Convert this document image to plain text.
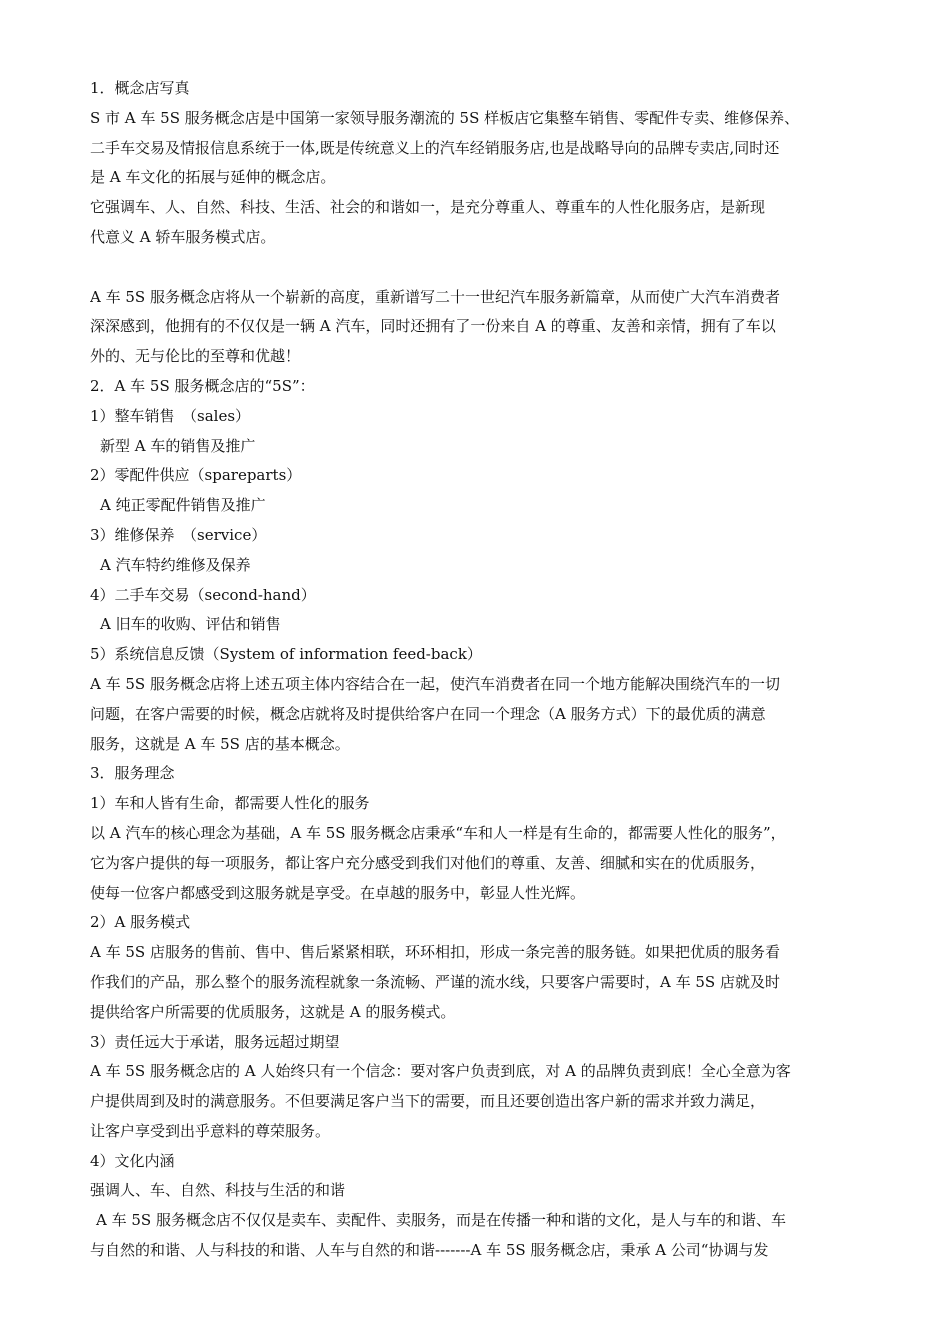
1．概念店写真
S 市 A 车 5S 服务概念店是中国第一家领导服务潮流的 5S 样板店它集整车销售、零配件专卖、维修保养、
二手车交易及情报信息系统于一体,既是传统意义上的汽车经销服务店,也是战略导向的品牌专卖店,同时还
是 A 车文化的拓展与延伸的概念店。
它强调车、人、自然、科技、生活、社会的和谐如一，是充分尊重人、尊重车的人性化服务店，是新现
代意义 A 轿车服务模式店。
A 车 5S 服务概念店将从一个崭新的高度，重新谱写二十一世纪汽车服务新篇章，从而使广大汽车消费者
深深感到，他拥有的不仅仅是一辆 A 汽车，同时还拥有了一份来自 A 的尊重、友善和亲情，拥有了车以
外的、无与伦比的至尊和优越！
2．A 车 5S 服务概念店的“5S”：
1）整车销售　（sales）
新型 A 车的销售及推广
2）零配件供应（spareparts）
A 纯正零配件销售及推广
3）维修保养　（service）
A 汽车特约维修及保养
4）二手车交易（second-hand）
A 旧车的收购、评估和销售
5）系统信息反馈（System of information feed-back）
A 车 5S 服务概念店将上述五项主体内容结合在一起，使汽车消费者在同一个地方能解决围绕汽车的一切
问题，在客户需要的时候，概念店就将及时提供给客户在同一个理念（A 服务方式）下的最优质的满意
服务，这就是 A 车 5S 店的基本概念。
3．服务理念
1）车和人皆有生命，都需要人性化的服务
以 A 汽车的核心理念为基础，A 车 5S 服务概念店秉承“车和人一样是有生命的，都需要人性化的服务”，
它为客户提供的每一项服务，都让客户充分感受到我们对他们的尊重、友善、细腻和实在的优质服务，
使每一位客户都感受到这服务就是享受。在卓越的服务中，彰显人性光辉。
2）A 服务模式
A 车 5S 店服务的售前、售中、售后紧紧相联，环环相扣，形成一条完善的服务链。如果把优质的服务看
作我们的产品，那么整个的服务流程就象一条流畅、严谨的流水线，只要客户需要时，A 车 5S 店就及时
提供给客户所需要的优质服务，这就是 A 的服务模式。
3）责任远大于承诺，服务远超过期望
A 车 5S 服务概念店的 A 人始终只有一个信念：要对客户负责到底，对 A 的品牌负责到底！全心全意为客
户提供周到及时的满意服务。不但要满足客户当下的需要，而且还要创造出客户新的需求并致力满足，
让客户享受到出乎意料的尊荣服务。
4）文化内涵
强调人、车、自然、科技与生活的和谐
A 车 5S 服务概念店不仅仅是卖车、卖配件、卖服务，而是在传播一种和谐的文化，是人与车的和谐、车
与自然的和谐、人与科技的和谐、人车与自然的和谐-------A 车 5S 服务概念店，秉承 A 公司“协调与发
